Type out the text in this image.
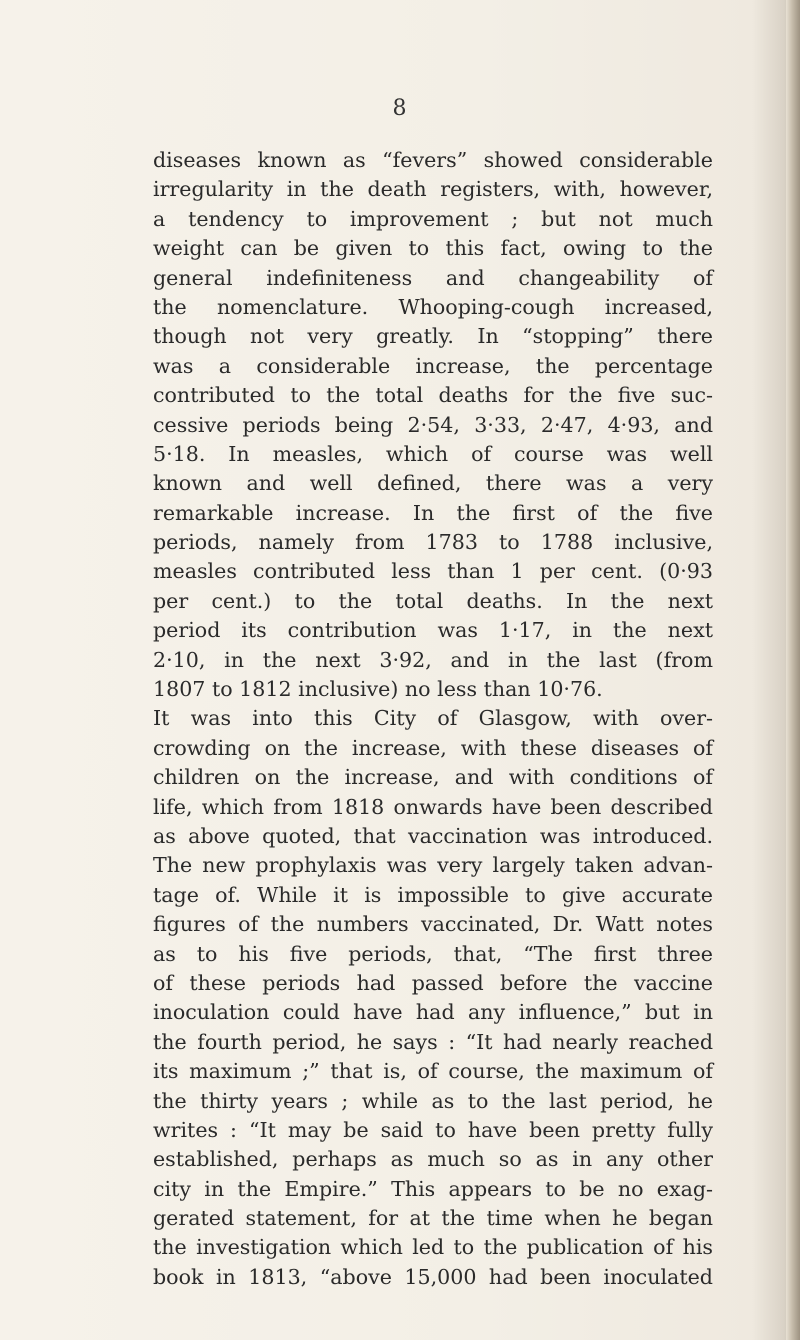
8
diseases known as “fevers” showed considerable
irregularity in the death registers, with, however,
a tendency to improvement ; but not much
weight can be given to this fact, owing to the
general indefiniteness and changeability of
the nomenclature. Whooping-cough increased,
though not very greatly. In “stopping” there
was a considerable increase, the percentage
contributed to the total deaths for the five suc-
cessive periods being 2·54, 3·33, 2·47, 4·93, and
5·18. In measles, which of course was well
known and well defined, there was a very
remarkable increase. In the first of the five
periods, namely from 1783 to 1788 inclusive,
measles contributed less than 1 per cent. (0·93
per cent.) to the total deaths. In the next
period its contribution was 1·17, in the next
2·10, in the next 3·92, and in the last (from
1807 to 1812 inclusive) no less than 10·76.
It was into this City of Glasgow, with over-
crowding on the increase, with these diseases of
children on the increase, and with conditions of
life, which from 1818 onwards have been described
as above quoted, that vaccination was introduced.
The new prophylaxis was very largely taken advan-
tage of. While it is impossible to give accurate
figures of the numbers vaccinated, Dr. Watt notes
as to his five periods, that, “The first three
of these periods had passed before the vaccine
inoculation could have had any influence,” but in
the fourth period, he says : “It had nearly reached
its maximum ;” that is, of course, the maximum of
the thirty years ; while as to the last period, he
writes : “It may be said to have been pretty fully
established, perhaps as much so as in any other
city in the Empire.” This appears to be no exag-
gerated statement, for at the time when he began
the investigation which led to the publication of his
book in 1813, “above 15,000 had been inoculated
